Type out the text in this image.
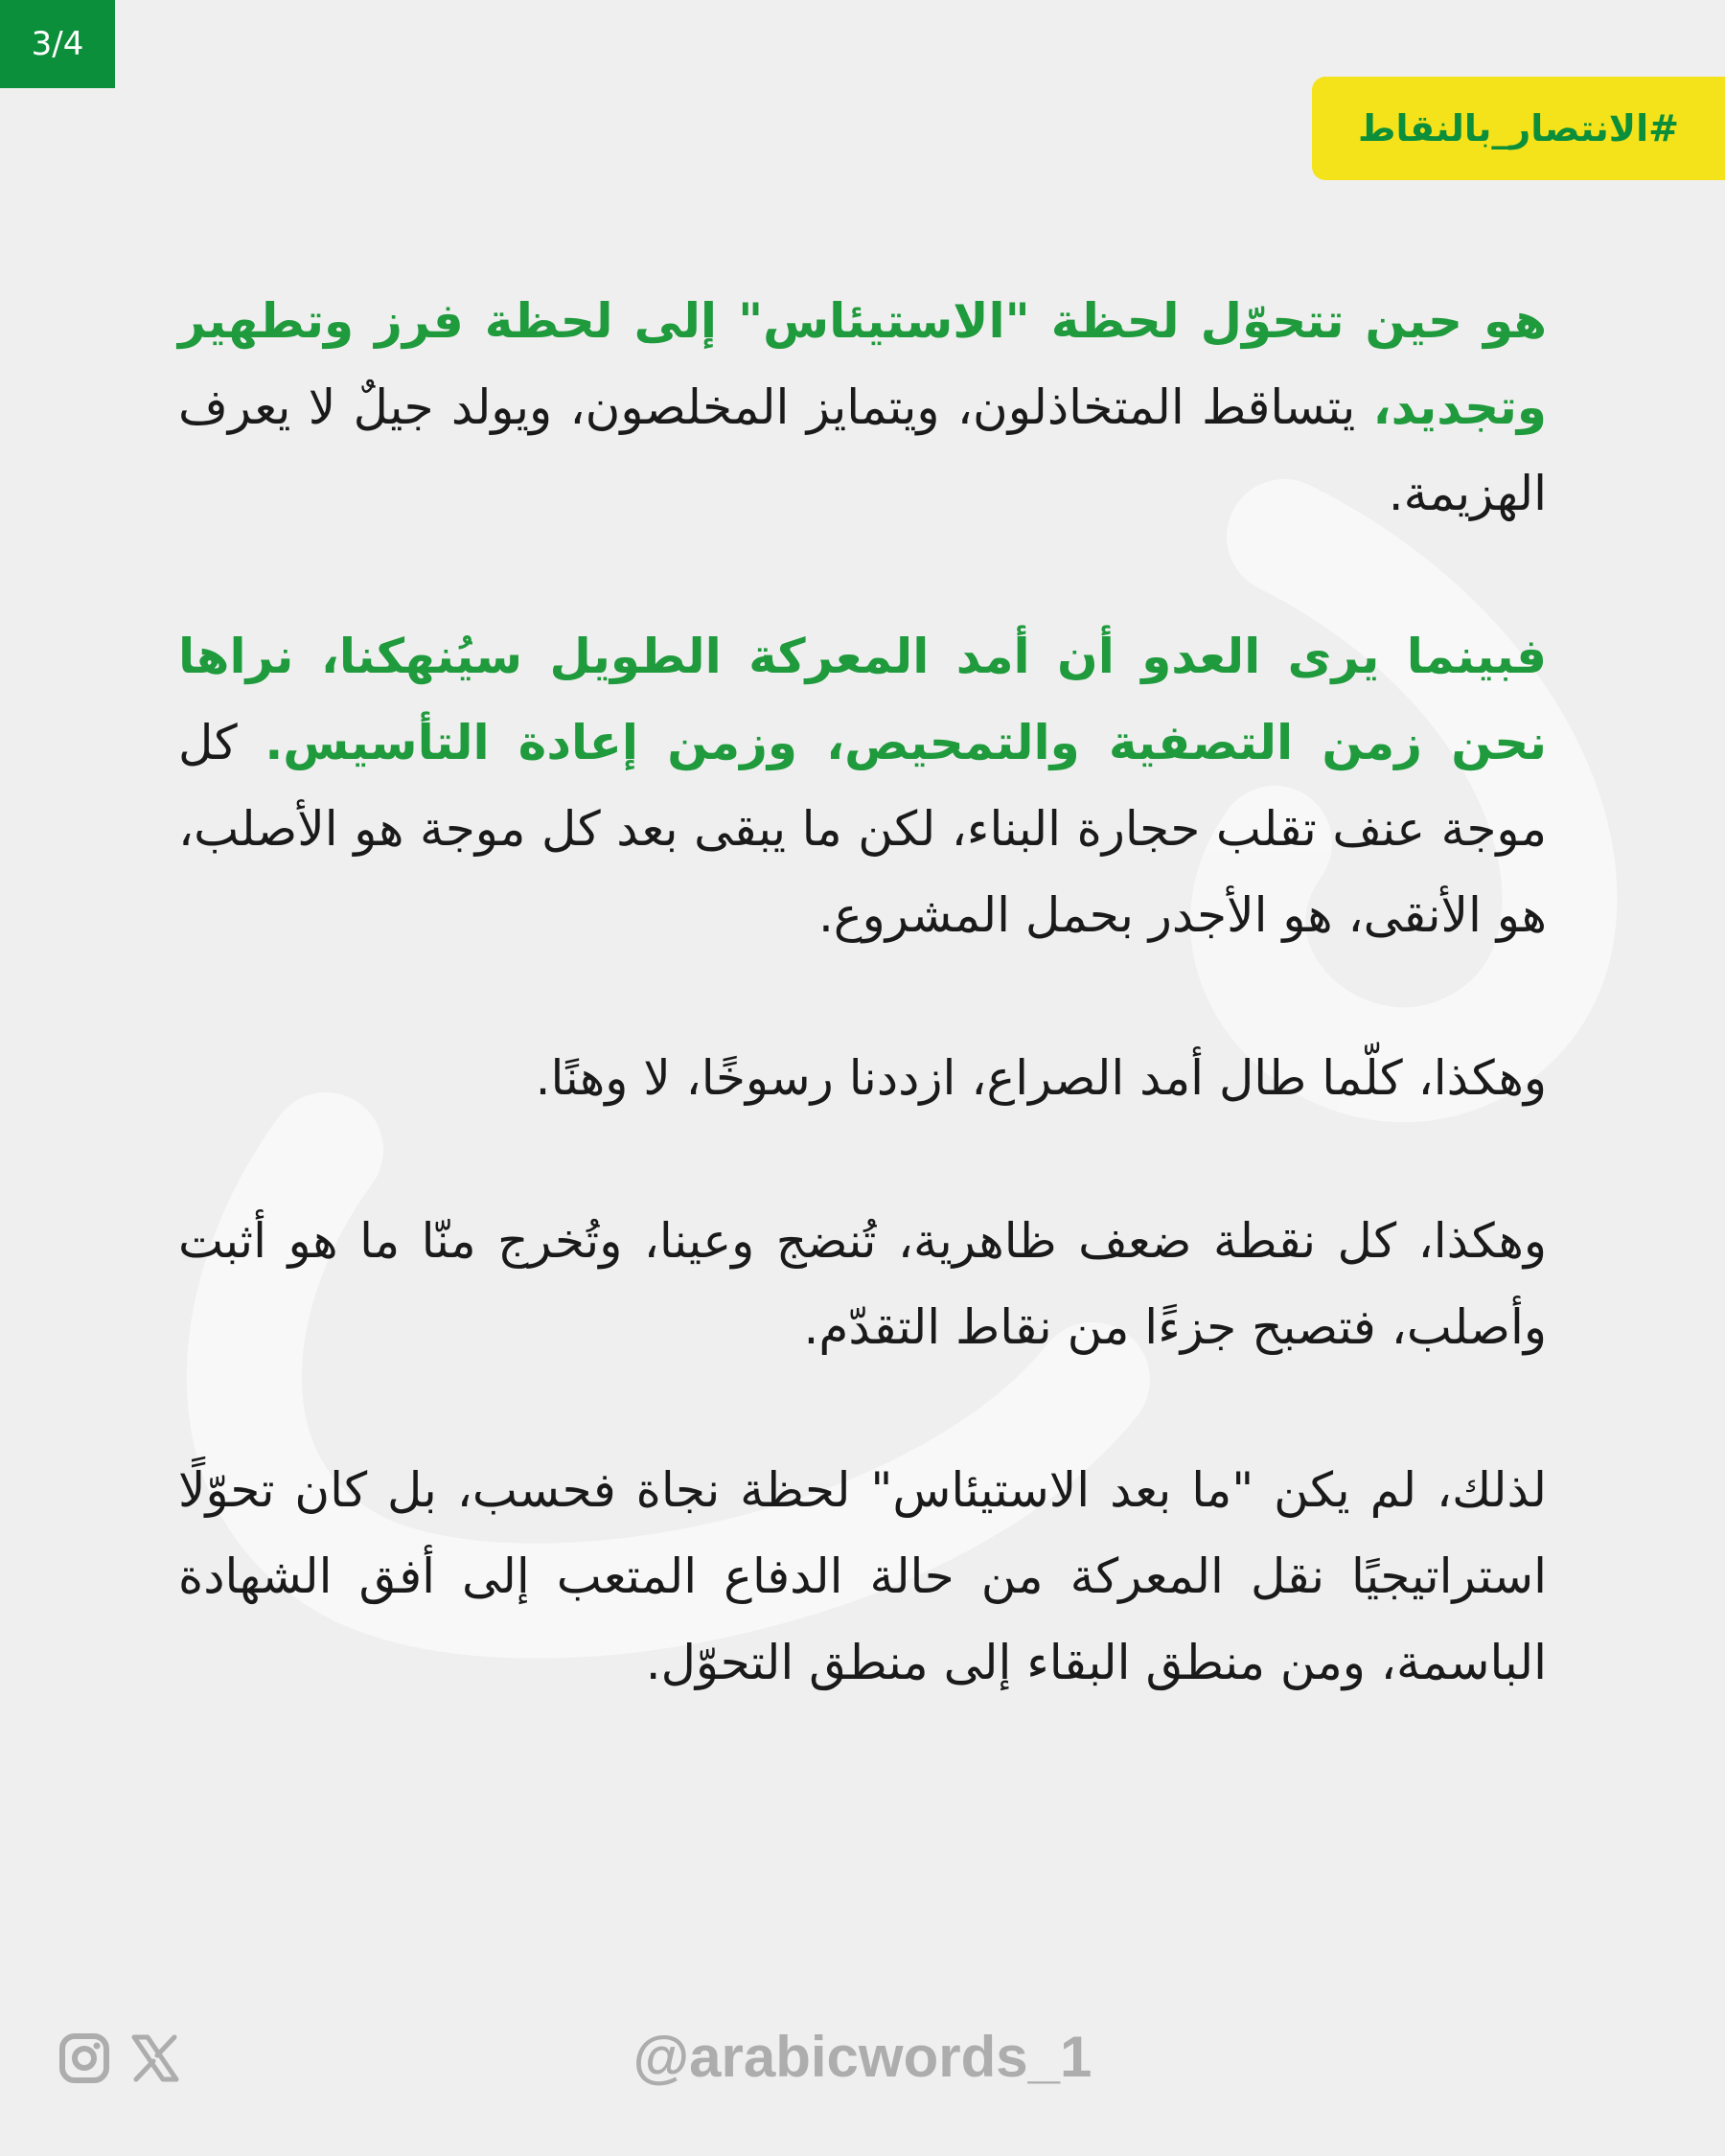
3/4
#الانتصار_بالنقاط

هو حين تتحوّل لحظة "الاستيئاس" إلى لحظة فرز وتطهير وتجديد، يتساقط المتخاذلون، ويتمايز المخلصون، ويولد جيلٌ لا يعرف الهزيمة.

فبينما يرى العدو أن أمد المعركة الطويل سيُنهكنا، نراها نحن زمن التصفية والتمحيص، وزمن إعادة التأسيس. كل موجة عنف تقلب حجارة البناء، لكن ما يبقى بعد كل موجة هو الأصلب، هو الأنقى، هو الأجدر بحمل المشروع.

وهكذا، كلّما طال أمد الصراع، ازددنا رسوخًا، لا وهنًا.

وهكذا، كل نقطة ضعف ظاهرية، تُنضج وعينا، وتُخرج منّا ما هو أثبت وأصلب، فتصبح جزءًا من نقاط التقدّم.

لذلك، لم يكن "ما بعد الاستيئاس" لحظة نجاة فحسب، بل كان تحوّلًا استراتيجيًا نقل المعركة من حالة الدفاع المتعب إلى أفق الشهادة الباسمة، ومن منطق البقاء إلى منطق التحوّل.

@arabicwords_1
